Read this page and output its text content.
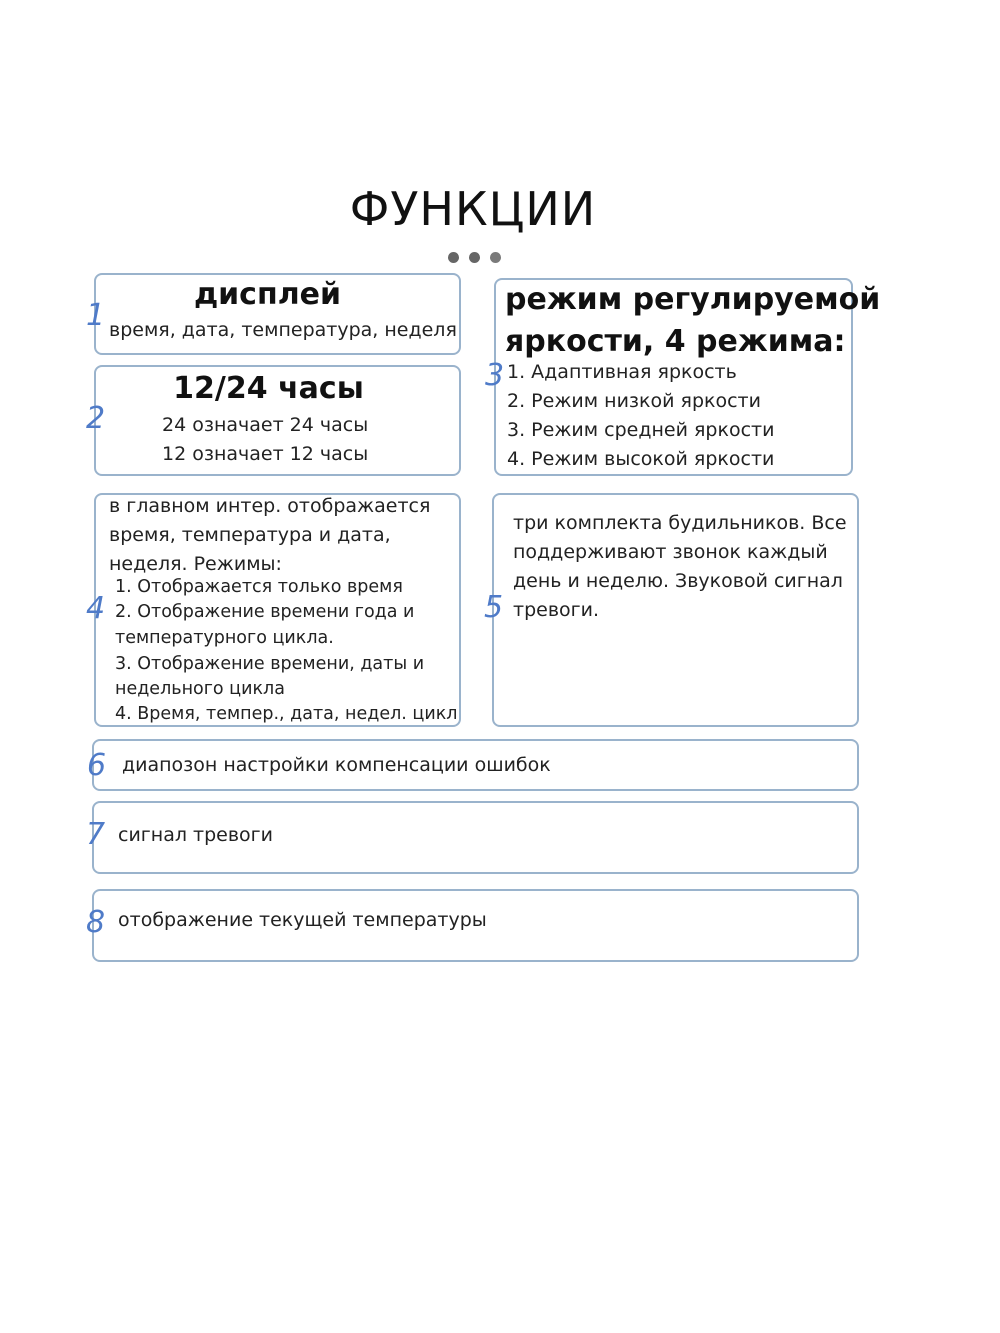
ФУНКЦИИ
дисплей
время, дата, температура, неделя
1
12/24 часы
24 означает 24 часы
12 означает 12 часы
2
режим регулируемой
яркости, 4 режима:
1. Адаптивная яркость
2. Режим низкой яркости
3. Режим средней яркости
4. Режим высокой яркости
3
в главном интер. отображается
время, температура и дата,
неделя. Режимы:
1. Отображается только время
2. Отображение времени года и
температурного цикла.
3. Отображение времени, даты и
недельного цикла
4. Время, темпер., дата, недел. цикл
4
три комплекта будильников. Все
поддерживают звонок каждый
день и неделю. Звуковой сигнал
тревоги.
5
диапозон настройки компенсации ошибок
6
сигнал тревоги
7
отображение текущей температуры
8
